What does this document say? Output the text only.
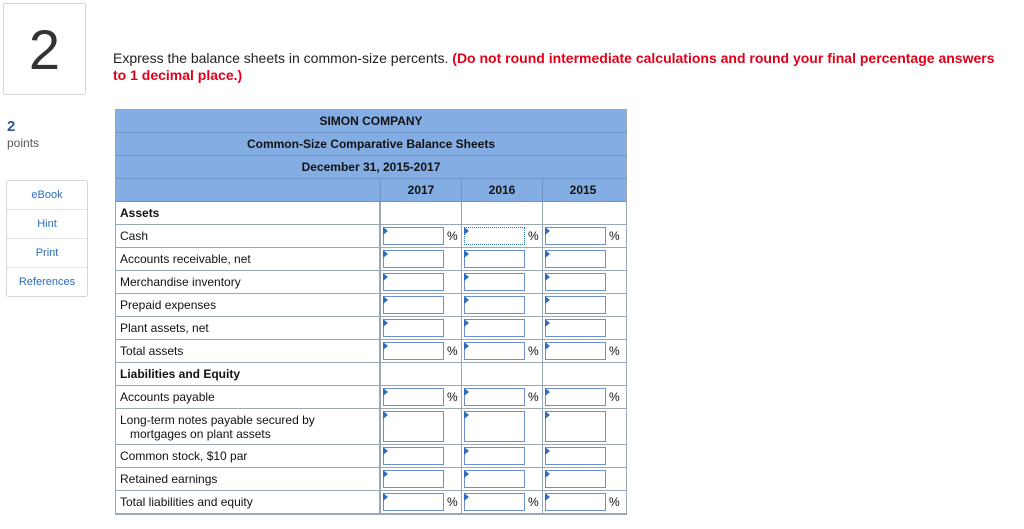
2
2
points
eBook
Hint
Print
References
Express the balance sheets in common-size percents. (Do not round intermediate calculations and round your final percentage answers to 1 decimal place.)
SIMON COMPANY
Common-Size Comparative Balance Sheets
December 31, 2015-2017
2017	2016	2015
Assets
Cash	%	%	%
Accounts receivable, net
Merchandise inventory
Prepaid expenses
Plant assets, net
Total assets	%	%	%
Liabilities and Equity
Accounts payable	%	%	%
Long-term notes payable secured by
mortgages on plant assets
Common stock, $10 par
Retained earnings
Total liabilities and equity	%	%	%
